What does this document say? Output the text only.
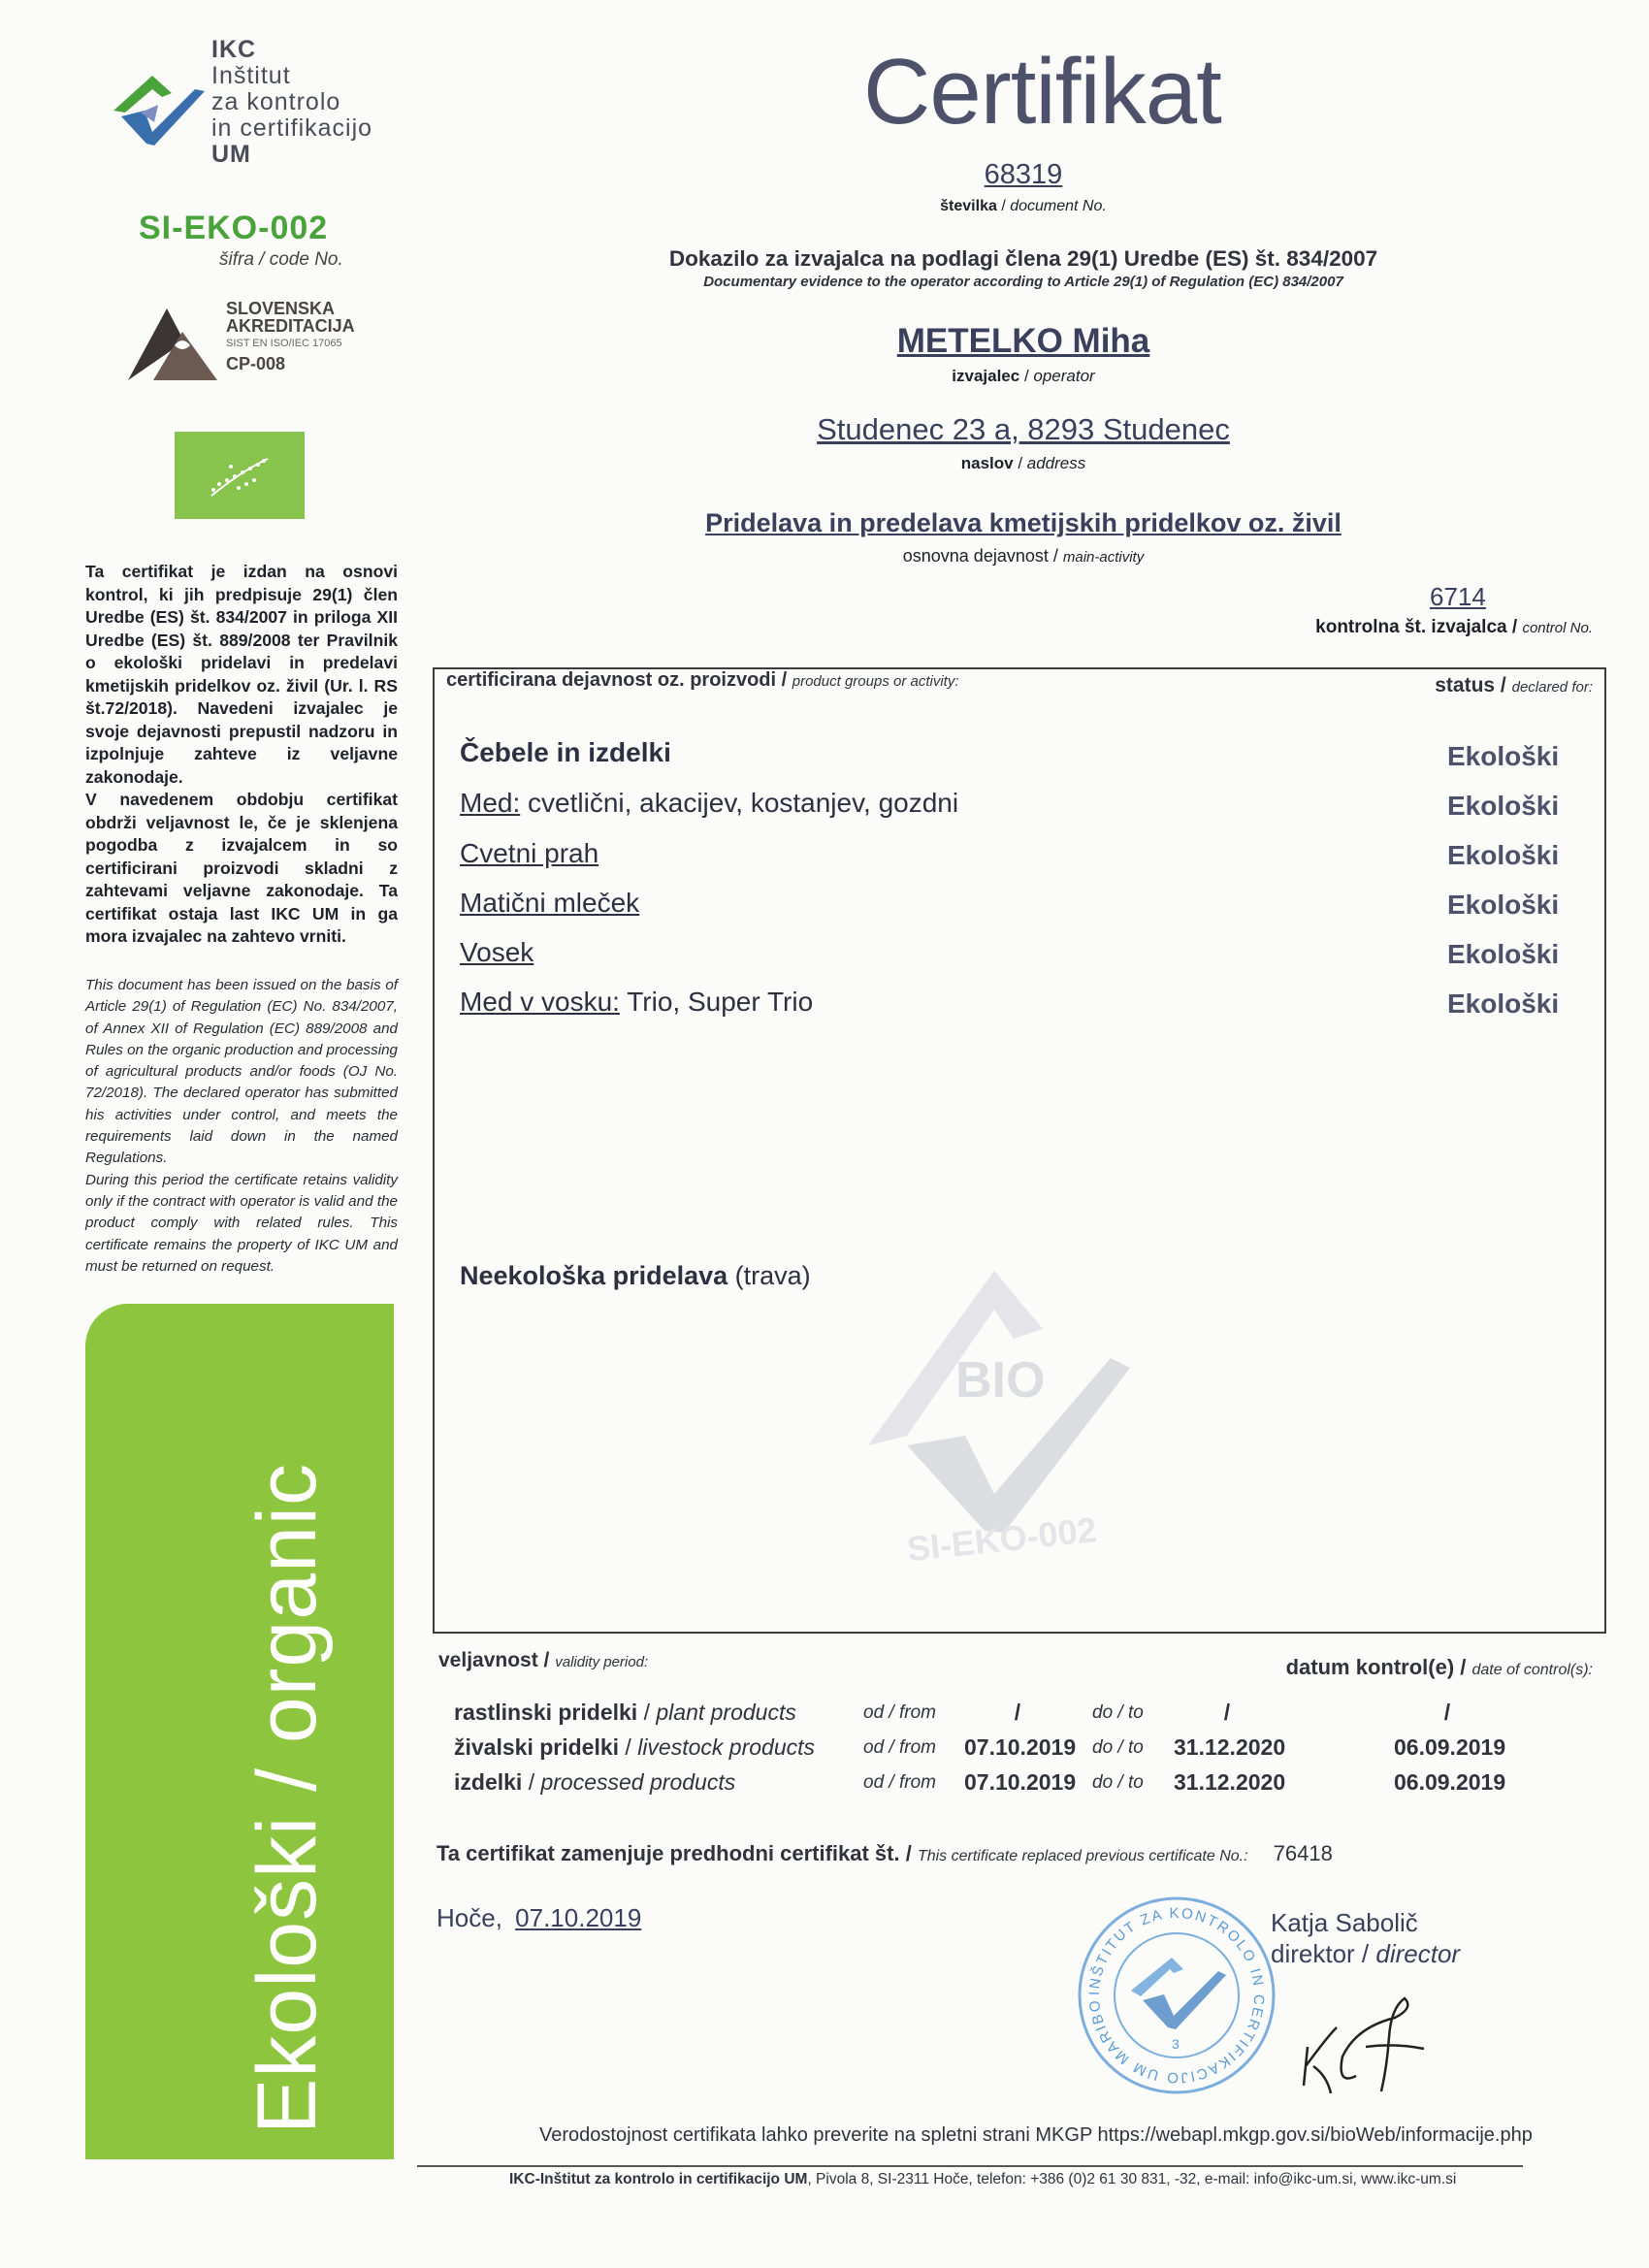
IKC
Inštitut
za kontrolo
in certifikacijo
UM
SI-EKO-002
šifra / code No.
SLOVENSKA
AKREDITACIJA
SIST EN ISO/IEC 17065
CP-008

Ta certifikat je izdan na osnovi kontrol, ki jih predpisuje 29(1) člen Uredbe (ES) št. 834/2007 in priloga XII Uredbe (ES) št. 889/2008 ter Pravilnik o ekološki pridelavi in predelavi kmetijskih pridelkov oz. živil (Ur. l. RS št.72/2018). Navedeni izvajalec je svoje dejavnosti prepustil nadzoru in izpolnjuje zahteve iz veljavne zakonodaje.

V navedenem obdobju certifikat obdrži veljavnost le, če je sklenjena pogodba z izvajalcem in so certificirani proizvodi skladni z zahtevami veljavne zakonodaje. Ta certifikat ostaja last IKC UM in ga mora izvajalec na zahtevo vrniti.

This document has been issued on the basis of Article 29(1) of Regulation (EC) No. 834/2007, of Annex XII of Regulation (EC) 889/2008 and Rules on the organic production and processing of agricultural products and/or foods (OJ No. 72/2018). The declared operator has submitted his activities under control, and meets the requirements laid down in the named Regulations.

During this period the certificate retains validity only if the contract with operator is valid and the product comply with related rules. This certificate remains the property of IKC UM and must be returned on request.

Ekološki / organic
Certifikat
68319
številka / document No.
Dokazilo za izvajalca na podlagi člena 29(1) Uredbe (ES) št. 834/2007
Documentary evidence to the operator according to Article 29(1) of Regulation (EC) 834/2007
METELKO Miha
izvajalec / operator
Studenec 23 a, 8293 Studenec
naslov / address
Pridelava in predelava kmetijskih pridelkov oz. živil
osnovna dejavnost / main-activity
6714
kontrolna št. izvajalca / control No.
BIO
SI-EKO-002
certificirana dejavnost oz. proizvodi / product groups or activity:	status / declared for:
Čebele in izdelki	Ekološki
Med: cvetlični, akacijev, kostanjev, gozdni	Ekološki
Cvetni prah	Ekološki
Matični mleček	Ekološki
Vosek	Ekološki
Med v vosku: Trio, Super Trio	Ekološki
Neekološka pridelava (trava)
veljavnost / validity period:	datum kontrol(e) / date of control(s):
rastlinski pridelki / plant products	od / from	/	do / to	/	/
živalski pridelki / livestock products	od / from 07.10.2019 do / to 31.12.2020	06.09.2019
izdelki / processed products	od / from 07.10.2019 do / to 31.12.2020	06.09.2019
Ta certifikat zamenjuje predhodni certifikat št. / This certificate replaced previous certificate No.: 76418
Hoče, 07.10.2019
INŠTITUT ZA KONTROLO IN CERTIFIKACIJO UM MARIBO
3
Katja Sabolič
direktor / director
Verodostojnost certifikata lahko preverite na spletni strani MKGP https://webapl.mkgp.gov.si/bioWeb/informacije.php
IKC-Inštitut za kontrolo in certifikacijo UM, Pivola 8, SI-2311 Hoče, telefon: +386 (0)2 61 30 831, -32, e-mail: info@ikc-um.si, www.ikc-um.si
